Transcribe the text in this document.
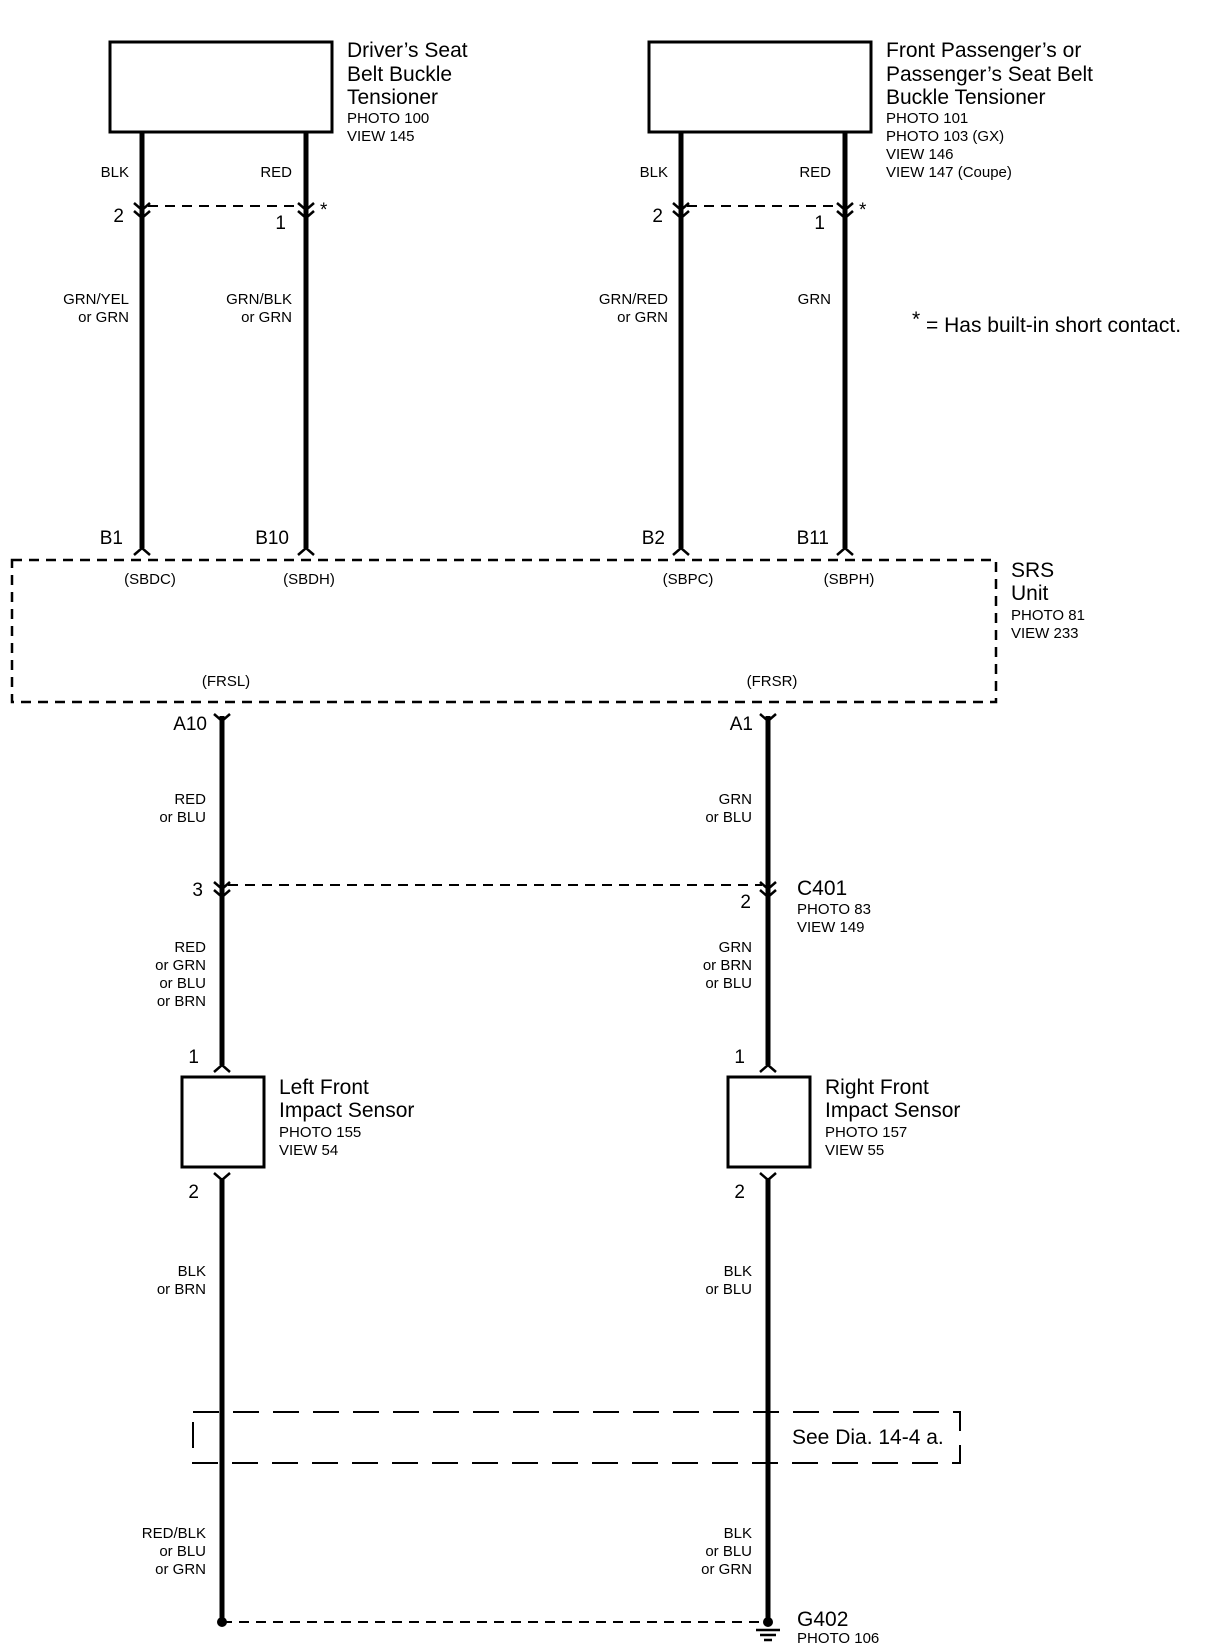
Driver’s Seat
Belt Buckle
Tensioner
PHOTO 100
VIEW 145
BLK	RED
2	1
*
GRN/YEL
or GRN
GRN/BLK
or GRN
Front Passenger’s or
Passenger’s Seat Belt
Buckle Tensioner
PHOTO 101
PHOTO 103 (GX)
VIEW 146
VIEW 147 (Coupe)
BLK	RED
2	1
*
GRN/RED
or GRN
GRN
* = Has built-in short contact.
B1	B10	B2	B11
(SBDC)	(SBDH)	(SBPC)	(SBPH)
(FRSL)	(FRSR)
SRS
Unit
PHOTO 81
VIEW 233
A10
RED
or BLU
3
2
C401
PHOTO 83
VIEW 149
RED
or GRN
or BLU
or BRN
1
Left Front
Impact Sensor
PHOTO 155
VIEW 54
2
BLK
or BRN
RED/BLK
or BLU
or GRN
A1
GRN
or BLU
GRN
or BRN
or BLU
1
Right Front
Impact Sensor
PHOTO 157
VIEW 55
2
BLK
or BLU
BLK
or BLU
or GRN
See Dia. 14-4 a.
G402
PHOTO 106
